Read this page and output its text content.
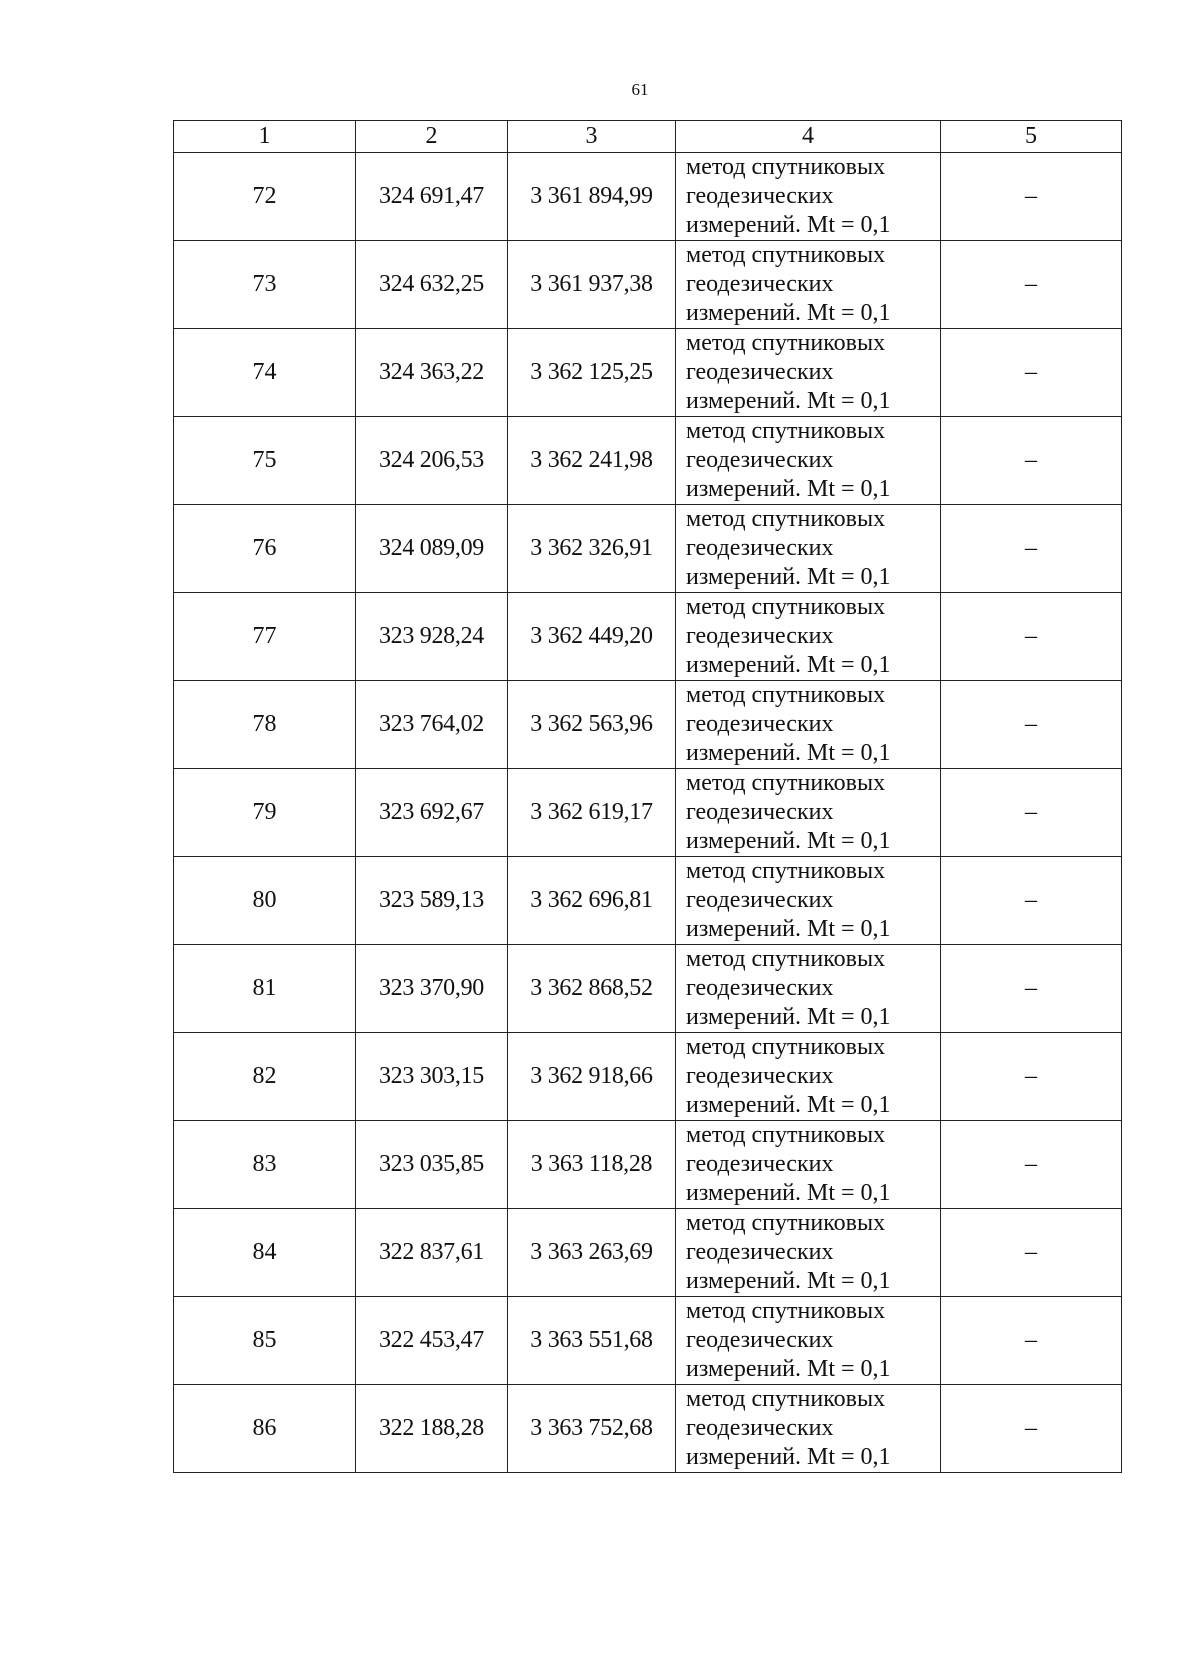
61
1	2	3	4	5
72	324 691,47	3 361 894,99	метод спутниковых геодезических измерений. Mt = 0,1	–
73	324 632,25	3 361 937,38	метод спутниковых геодезических измерений. Mt = 0,1	–
74	324 363,22	3 362 125,25	метод спутниковых геодезических измерений. Mt = 0,1	–
75	324 206,53	3 362 241,98	метод спутниковых геодезических измерений. Mt = 0,1	–
76	324 089,09	3 362 326,91	метод спутниковых геодезических измерений. Mt = 0,1	–
77	323 928,24	3 362 449,20	метод спутниковых геодезических измерений. Mt = 0,1	–
78	323 764,02	3 362 563,96	метод спутниковых геодезических измерений. Mt = 0,1	–
79	323 692,67	3 362 619,17	метод спутниковых геодезических измерений. Mt = 0,1	–
80	323 589,13	3 362 696,81	метод спутниковых геодезических измерений. Mt = 0,1	–
81	323 370,90	3 362 868,52	метод спутниковых геодезических измерений. Mt = 0,1	–
82	323 303,15	3 362 918,66	метод спутниковых геодезических измерений. Mt = 0,1	–
83	323 035,85	3 363 118,28	метод спутниковых геодезических измерений. Mt = 0,1	–
84	322 837,61	3 363 263,69	метод спутниковых геодезических измерений. Mt = 0,1	–
85	322 453,47	3 363 551,68	метод спутниковых геодезических измерений. Mt = 0,1	–
86	322 188,28	3 363 752,68	метод спутниковых геодезических измерений. Mt = 0,1	–
